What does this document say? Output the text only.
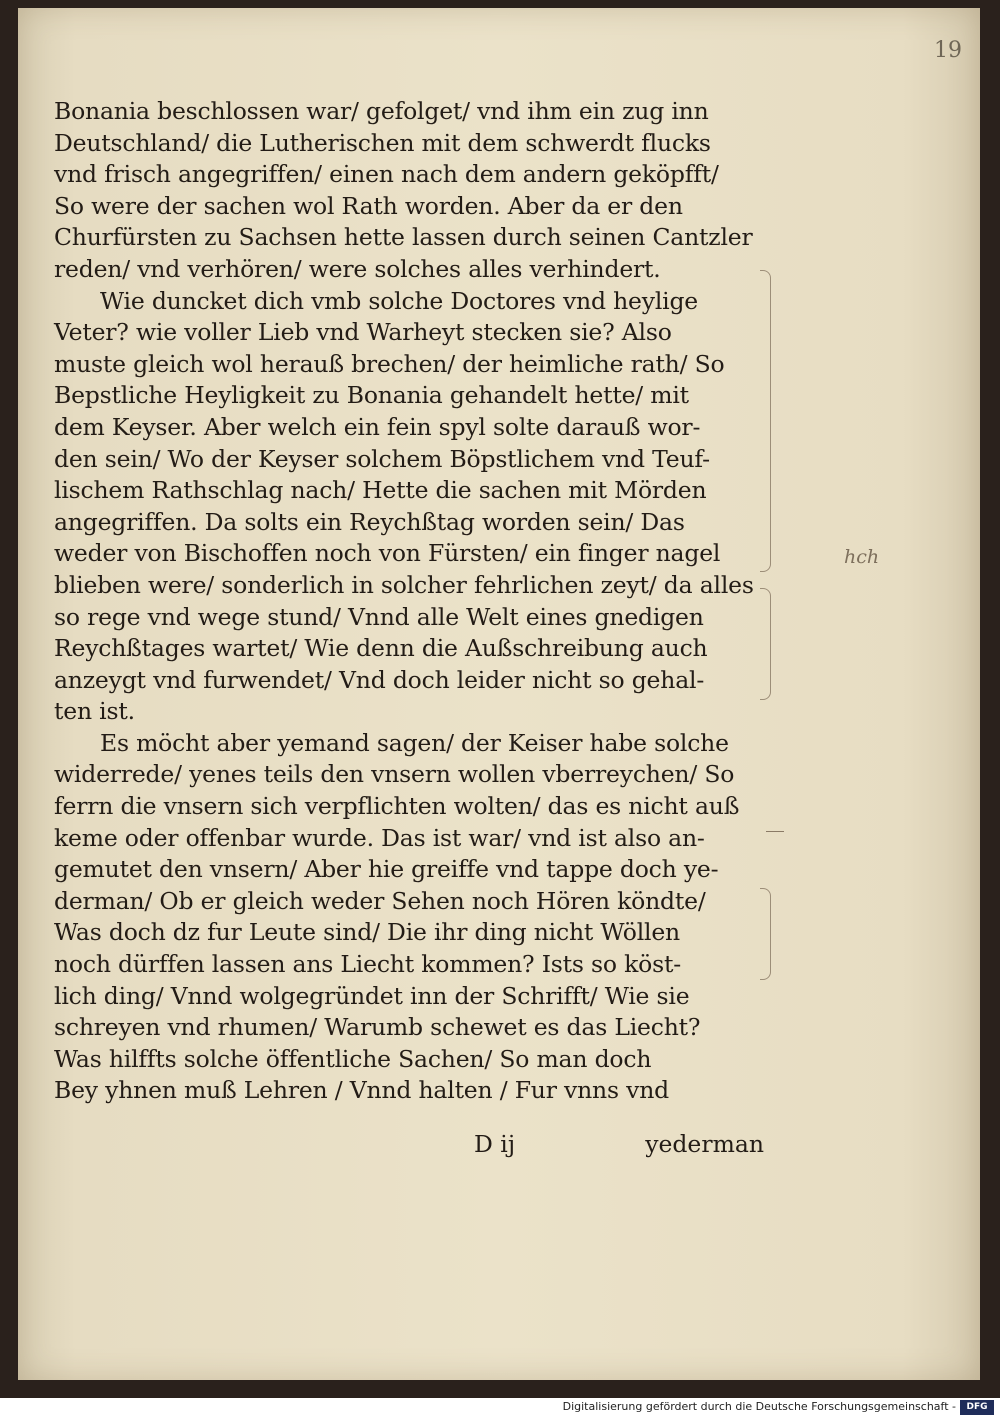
19
Bonania beschlossen war/ gefolget/ vnd ihm ein zug inn
Deutschland/ die Lutherischen mit dem schwerdt flucks
vnd frisch angegriffen/ einen nach dem andern geköpfft/
So were der sachen wol Rath worden. Aber da er den
Churfürsten zu Sachsen hette lassen durch seinen Cantzler
reden/ vnd verhören/ were solches alles verhindert.
Wie duncket dich vmb solche Doctores vnd heylige
Veter? wie voller Lieb vnd Warheyt stecken sie? Also
muste gleich wol herauß brechen/ der heimliche rath/ So
Bepstliche Heyligkeit zu Bonania gehandelt hette/ mit
dem Keyser. Aber welch ein fein spyl solte darauß wor-
den sein/ Wo der Keyser solchem Böpstlichem vnd Teuf-
lischem Rathschlag nach/ Hette die sachen mit Mörden
angegriffen. Da solts ein Reychßtag worden sein/ Das
weder von Bischoffen noch von Fürsten/ ein finger nagel
blieben were/ sonderlich in solcher fehrlichen zeyt/ da alles
so rege vnd wege stund/ Vnnd alle Welt eines gnedigen
Reychßtages wartet/ Wie denn die Außschreibung auch
anzeygt vnd furwendet/ Vnd doch leider nicht so gehal-
ten ist.
Es möcht aber yemand sagen/ der Keiser habe solche
widerrede/ yenes teils den vnsern wollen vberreychen/ So
ferrn die vnsern sich verpflichten wolten/ das es nicht auß
keme oder offenbar wurde. Das ist war/ vnd ist also an-
gemutet den vnsern/ Aber hie greiffe vnd tappe doch ye-
derman/ Ob er gleich weder Sehen noch Hören köndte/
Was doch dz fur Leute sind/ Die ihr ding nicht Wöllen
noch dürffen lassen ans Liecht kommen? Ists so köst-
lich ding/ Vnnd wolgegründet inn der Schrifft/ Wie sie
schreyen vnd rhumen/ Warumb schewet es das Liecht?
Was hilffts solche öffentliche Sachen/ So man doch
Bey yhnen muß Lehren / Vnnd halten / Fur vnns vnd
D ij	yederman
hch
Digitalisierung gefördert durch die Deutsche Forschungsgemeinschaft -	DFG
